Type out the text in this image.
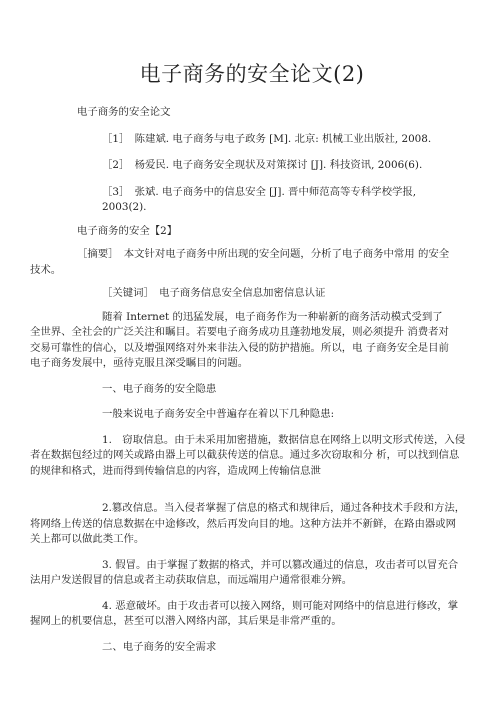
电子商务的安全论文(2)

电子商务的安全论文

［1］　陈建斌. 电子商务与电子政务 [M]. 北京: 机械工业出版社, 2008.

［2］　杨爱民. 电子商务安全现状及对策探讨 [J]. 科技资讯, 2006(6).

［3］　张斌. 电子商务中的信息安全 [J]. 晋中师范高等专科学校学报, 2003(2).

电子商务的安全【2】

［摘要］　本文针对电子商务中所出现的安全问题，分析了电子商务中常用 的安全技术。

［关键词］　电子商务信息安全信息加密信息认证

随着 Internet 的迅猛发展，电子商务作为一种崭新的商务活动模式受到了 全世界、全社会的广泛关注和瞩目。若要电子商务成功且蓬勃地发展，则必须提升 消费者对交易可靠性的信心，以及增强网络对外来非法入侵的防护措施。所以，电 子商务安全是目前电子商务发展中，亟待克服且深受瞩目的问题。

一、电子商务的安全隐患

一般来说电子商务安全中普遍存在着以下几种隐患:

1.　窃取信息。由于未采用加密措施，数据信息在网络上以明文形式传送，入侵者在数据包经过的网关或路由器上可以截获传送的信息。通过多次窃取和分 析，可以找到信息的规律和格式，进而得到传输信息的内容，造成网上传输信息泄

2.篡改信息。当入侵者掌握了信息的格式和规律后，通过各种技术手段和方法，将网络上传送的信息数据在中途修改，然后再发向目的地。这种方法并不新鲜，在路由器或网关上都可以做此类工作。

3. 假冒。由于掌握了数据的格式，并可以篡改通过的信息，攻击者可以冒充合法用户发送假冒的信息或者主动获取信息，而远端用户通常很难分辨。

4. 恶意破坏。由于攻击者可以接入网络，则可能对网络中的信息进行修改，掌握网上的机要信息，甚至可以潜入网络内部，其后果是非常严重的。

二、电子商务的安全需求
